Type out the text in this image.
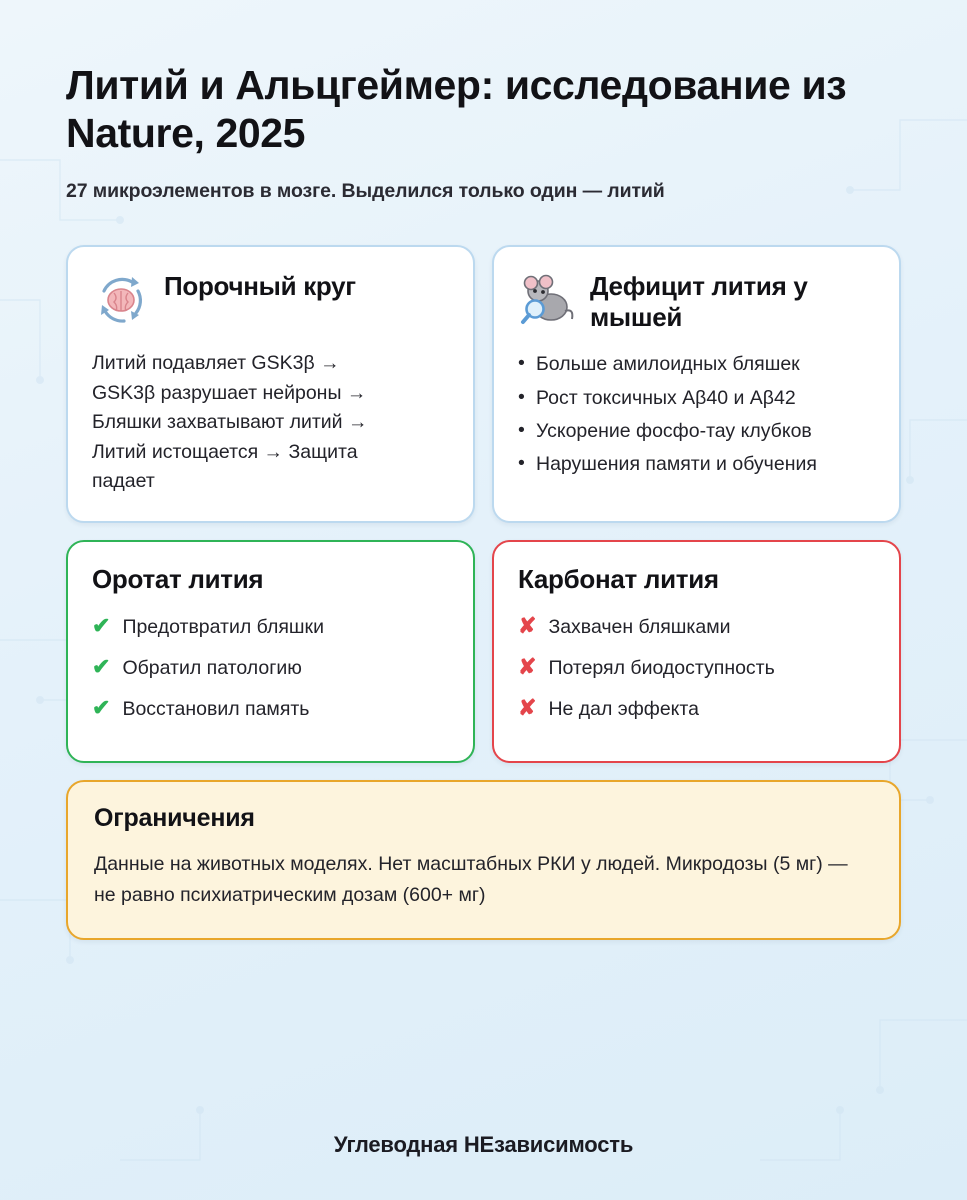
Литий и Альцгеймер: исследование из Nature, 2025
27 микроэлементов в мозге. Выделился только один — литий
Порочный круг
Литий подавляет GSK3β →
GSK3β разрушает нейроны →
Бляшки захватывают литий →
Литий истощается → Защита
падает
Дефицит лития у мышей
• Больше амилоидных бляшек
• Рост токсичных Aβ40 и Aβ42
• Ускорение фосфо-тау клубков
• Нарушения памяти и обучения
Оротат лития
✔ Предотвратил бляшки
✔ Обратил патологию
✔ Восстановил память
Карбонат лития
✘ Захвачен бляшками
✘ Потерял биодоступность
✘ Не дал эффекта
Ограничения
Данные на животных моделях. Нет масштабных РКИ у людей. Микродозы (5 мг) — не равно психиатрическим дозам (600+ мг)
Углеводная НЕзависимость
